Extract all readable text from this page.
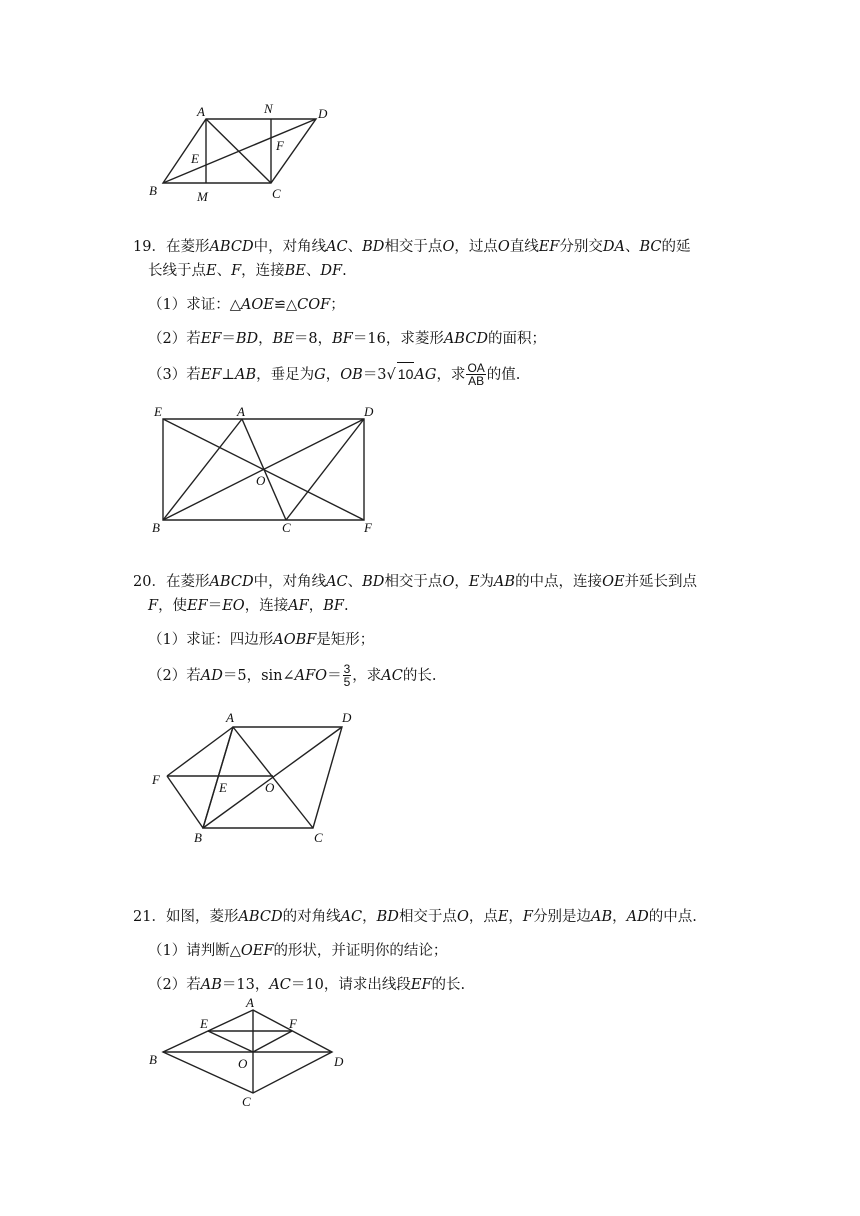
A	N	D
E
F
B	M	C
19．在菱形ABCD中，对角线AC、BD相交于点O，过点O直线EF分别交DA、BC的延
长线于点E、F，连接BE、DF.
（1）求证：△AOE≌△COF；
（2）若EF＝BD，BE＝8，BF＝16，求菱形ABCD的面积；
（3）若EF⊥AB，垂足为G，OB＝3√ 10AG，求 $\frac{OA}{AB}$ 的值.
E	A	D
O
B	C	F
20．在菱形ABCD中，对角线AC、BD相交于点O，E为AB的中点，连接OE并延长到点
F，使EF＝EO，连接AF，BF.
（1）求证：四边形AOBF是矩形；
（2）若AD＝5，sin∠AFO＝ $\frac{3}{5}$ ，求AC的长.
A	D
F
E	O
B	C
21．如图，菱形ABCD的对角线AC，BD相交于点O，点E，F分别是边AB，AD的中点.
（1）请判断△OEF的形状，并证明你的结论；
（2）若AB＝13，AC＝10，请求出线段EF的长.
A
E	F
B	O	D
C
